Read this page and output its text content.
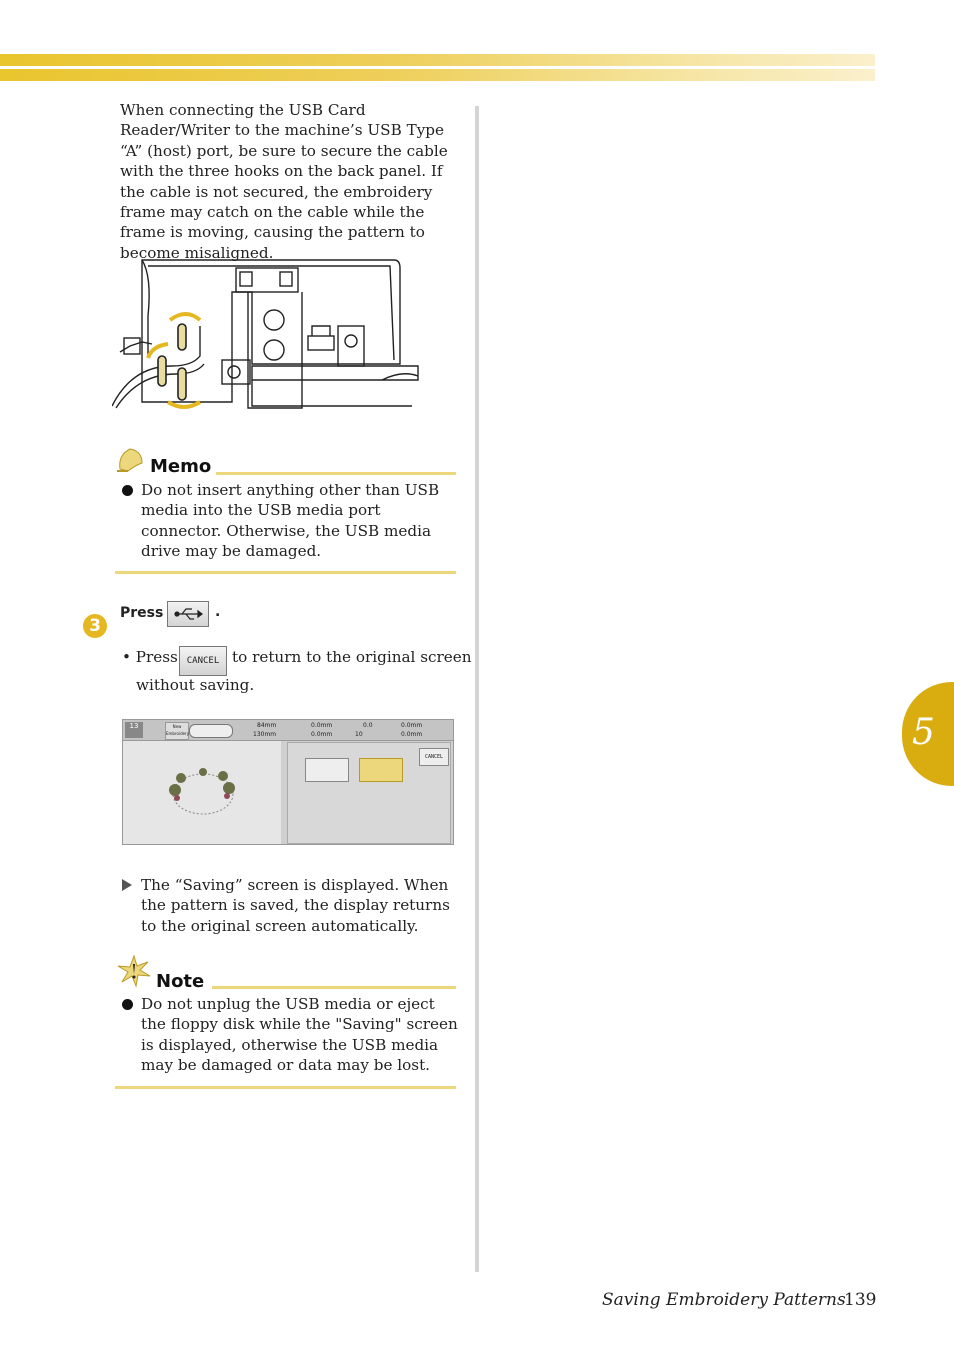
5

When connecting the USB Card Reader/Writer to the machine’s USB Type “A” (host) port, be sure to secure the cable with the three hooks on the back panel. If the cable is not secured, the embroidery frame may catch on the cable while the frame is moving, causing the pattern to become misaligned.

Memo

Do not insert anything other than USB media into the USB media port connector. Otherwise, the USB media drive may be damaged.

3
Press	.
• Press CANCEL to return to the original screen
without saving.
13	New Embroidery
84mm
130mm
0.0mm
0.0mm
0.0
10
0.0mm
0.0mm
CANCEL

The “Saving” screen is displayed. When the pattern is saved, the display returns to the original screen automatically.

Note

Do not unplug the USB media or eject the floppy disk while the "Saving" screen is displayed, otherwise the USB media may be damaged or data may be lost.

Saving Embroidery Patterns
139
